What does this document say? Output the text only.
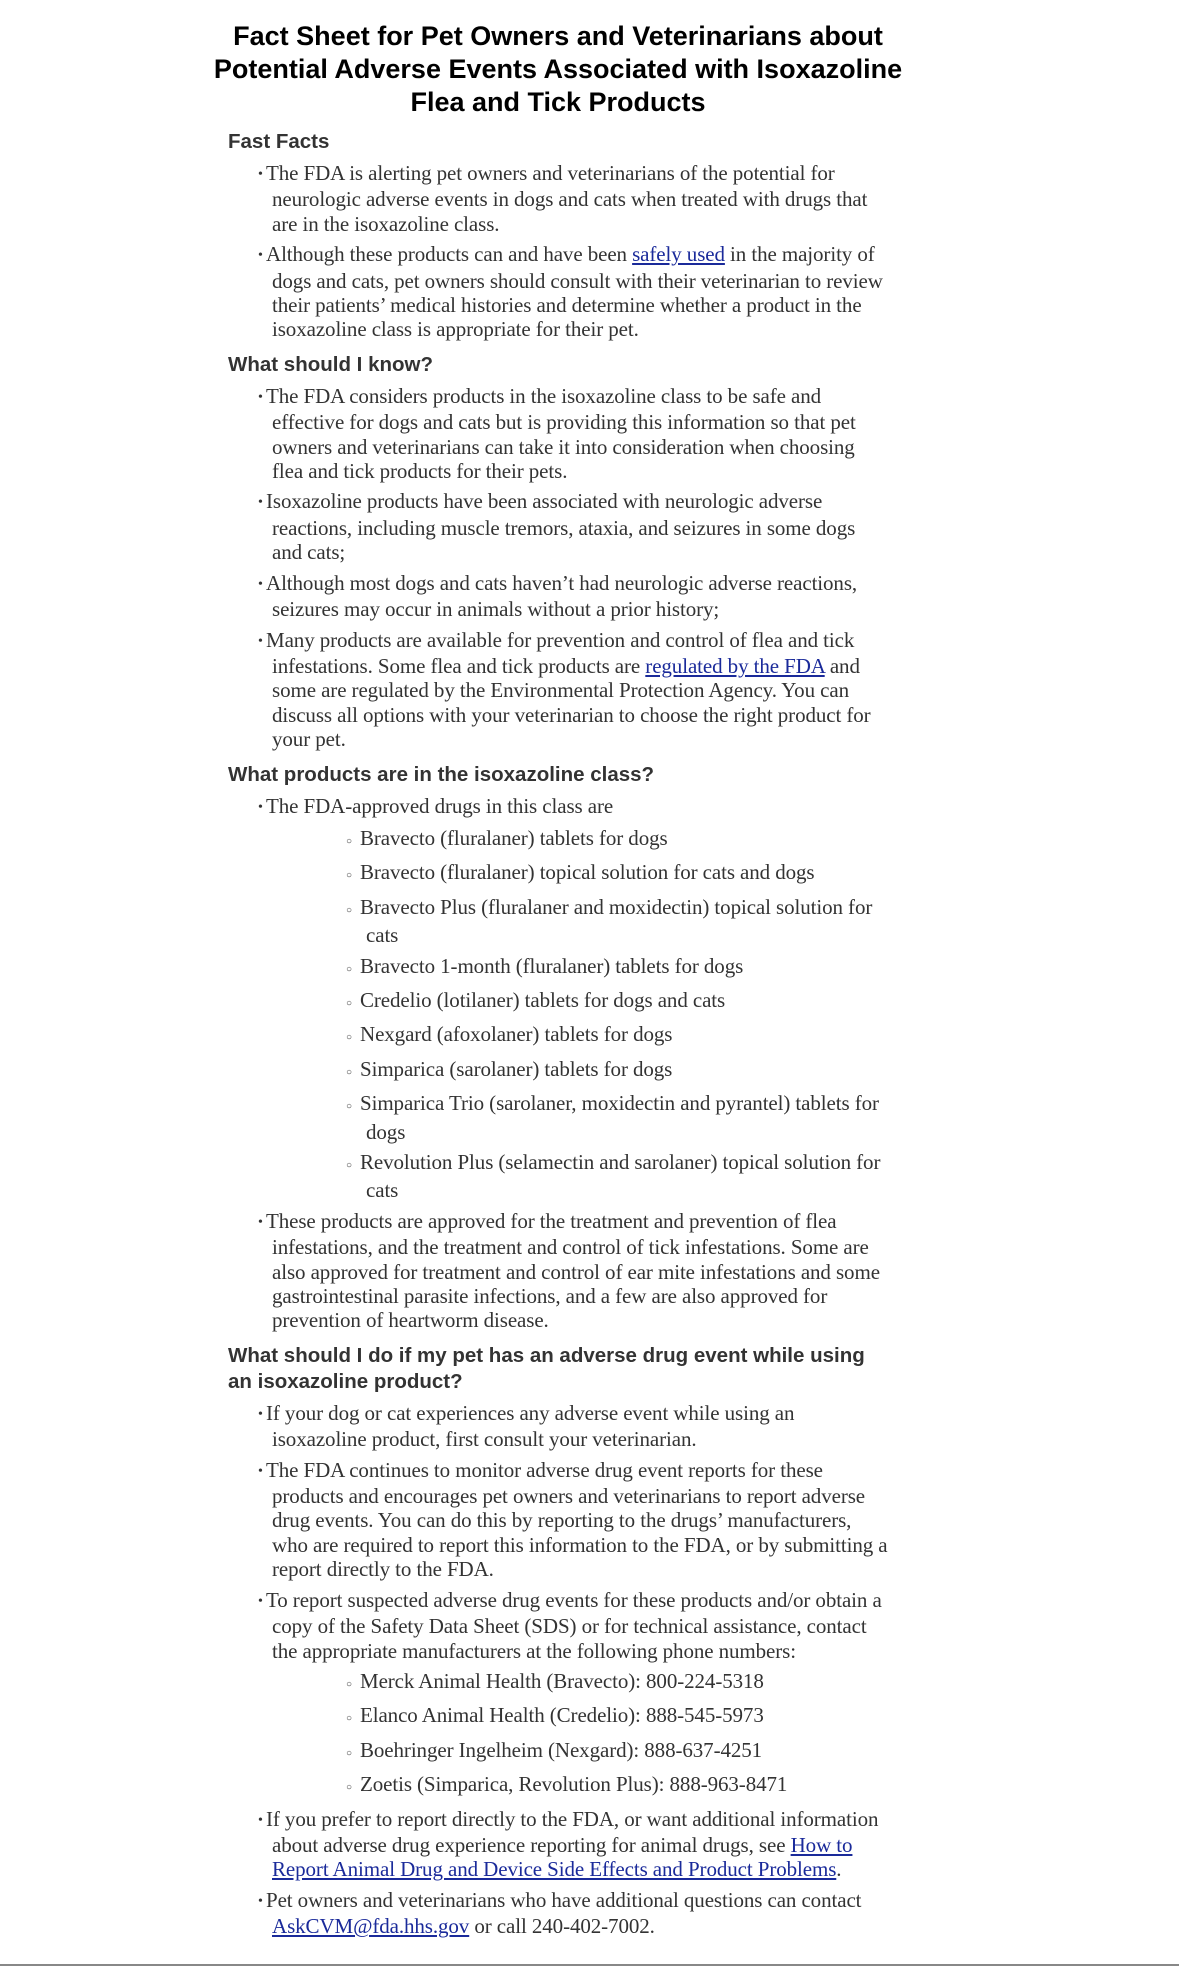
Fact Sheet for Pet Owners and Veterinarians about Potential Adverse Events Associated with Isoxazoline Flea and Tick Products
Fast Facts
• The FDA is alerting pet owners and veterinarians of the potential for neurologic adverse events in dogs and cats when treated with drugs that are in the isoxazoline class.
• Although these products can and have been safely used in the majority of dogs and cats, pet owners should consult with their veterinarian to review their patients’ medical histories and determine whether a product in the isoxazoline class is appropriate for their pet.
What should I know?
• The FDA considers products in the isoxazoline class to be safe and effective for dogs and cats but is providing this information so that pet owners and veterinarians can take it into consideration when choosing flea and tick products for their pets.
• Isoxazoline products have been associated with neurologic adverse reactions, including muscle tremors, ataxia, and seizures in some dogs and cats;
• Although most dogs and cats haven’t had neurologic adverse reactions, seizures may occur in animals without a prior history;
• Many products are available for prevention and control of flea and tick infestations. Some flea and tick products are regulated by the FDA and some are regulated by the Environmental Protection Agency. You can discuss all options with your veterinarian to choose the right product for your pet.
What products are in the isoxazoline class?
• The FDA-approved drugs in this class are
○ Bravecto (fluralaner) tablets for dogs
○ Bravecto (fluralaner) topical solution for cats and dogs
○ Bravecto Plus (fluralaner and moxidectin) topical solution for cats
○ Bravecto 1-month (fluralaner) tablets for dogs
○ Credelio (lotilaner) tablets for dogs and cats
○ Nexgard (afoxolaner) tablets for dogs
○ Simparica (sarolaner) tablets for dogs
○ Simparica Trio (sarolaner, moxidectin and pyrantel) tablets for dogs
○ Revolution Plus (selamectin and sarolaner) topical solution for cats
• These products are approved for the treatment and prevention of flea infestations, and the treatment and control of tick infestations. Some are also approved for treatment and control of ear mite infestations and some gastrointestinal parasite infections, and a few are also approved for prevention of heartworm disease.
What should I do if my pet has an adverse drug event while using an isoxazoline product?
• If your dog or cat experiences any adverse event while using an isoxazoline product, first consult your veterinarian.
• The FDA continues to monitor adverse drug event reports for these products and encourages pet owners and veterinarians to report adverse drug events. You can do this by reporting to the drugs’ manufacturers, who are required to report this information to the FDA, or by submitting a report directly to the FDA.
• To report suspected adverse drug events for these products and/or obtain a copy of the Safety Data Sheet (SDS) or for technical assistance, contact the appropriate manufacturers at the following phone numbers:
○ Merck Animal Health (Bravecto): 800-224-5318
○ Elanco Animal Health (Credelio): 888-545-5973
○ Boehringer Ingelheim (Nexgard): 888-637-4251
○ Zoetis (Simparica, Revolution Plus): 888-963-8471
• If you prefer to report directly to the FDA, or want additional information about adverse drug experience reporting for animal drugs, see How to Report Animal Drug and Device Side Effects and Product Problems.
• Pet owners and veterinarians who have additional questions can contact AskCVM@fda.hhs.gov or call 240-402-7002.
